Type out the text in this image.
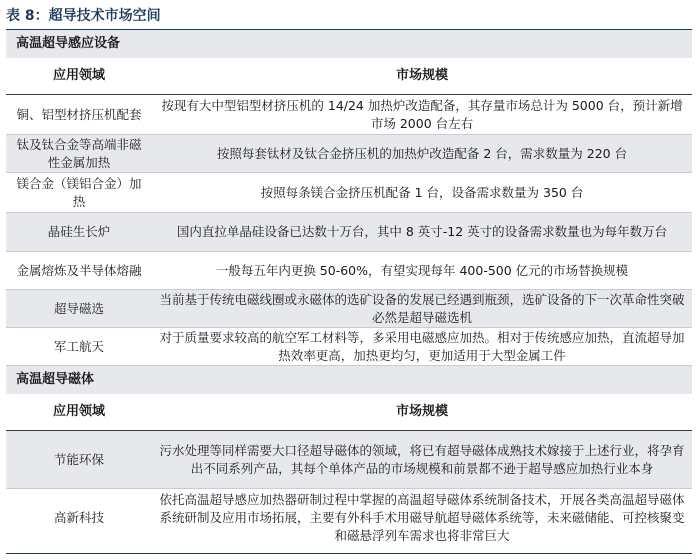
表 8：超导技术市场空间
高温超导感应设备	
应用领域	市场规模
铜、铝型材挤压机配套	按现有大中型铝型材挤压机的 14/24 加热炉改造配备，其存量市场总计为 5000 台，预计新增市场 2000 台左右
钛及钛合金等高端非磁性金属加热	按照每套钛材及钛合金挤压机的加热炉改造配备 2 台，需求数量为 220 台
镁合金（镁铝合金）加热	按照每条镁合金挤压机配备 1 台，设备需求数量为 350 台
晶硅生长炉	国内直拉单晶硅设备已达数十万台，其中 8 英寸-12 英寸的设备需求数量也为每年数万台
金属熔炼及半导体熔融	一般每五年内更换 50-60%，有望实现每年 400-500 亿元的市场替换规模
超导磁选	当前基于传统电磁线圈或永磁体的选矿设备的发展已经遇到瓶颈，选矿设备的下一次革命性突破必然是超导磁选机
军工航天	对于质量要求较高的航空军工材料等，多采用电磁感应加热。相对于传统感应加热，直流超导加热效率更高，加热更均匀，更加适用于大型金属工件
高温超导磁体	
应用领域	市场规模
节能环保	污水处理等同样需要大口径超导磁体的领域，将已有超导磁体成熟技术嫁接于上述行业，将孕育出不同系列产品，其每个单体产品的市场规模和前景都不逊于超导感应加热行业本身
高新科技	依托高温超导感应加热器研制过程中掌握的高温超导磁体系统制备技术，开展各类高温超导磁体系统研制及应用市场拓展，主要有外科手术用磁导航超导磁体系统等，未来磁储能、可控核聚变和磁悬浮列车需求也将非常巨大
